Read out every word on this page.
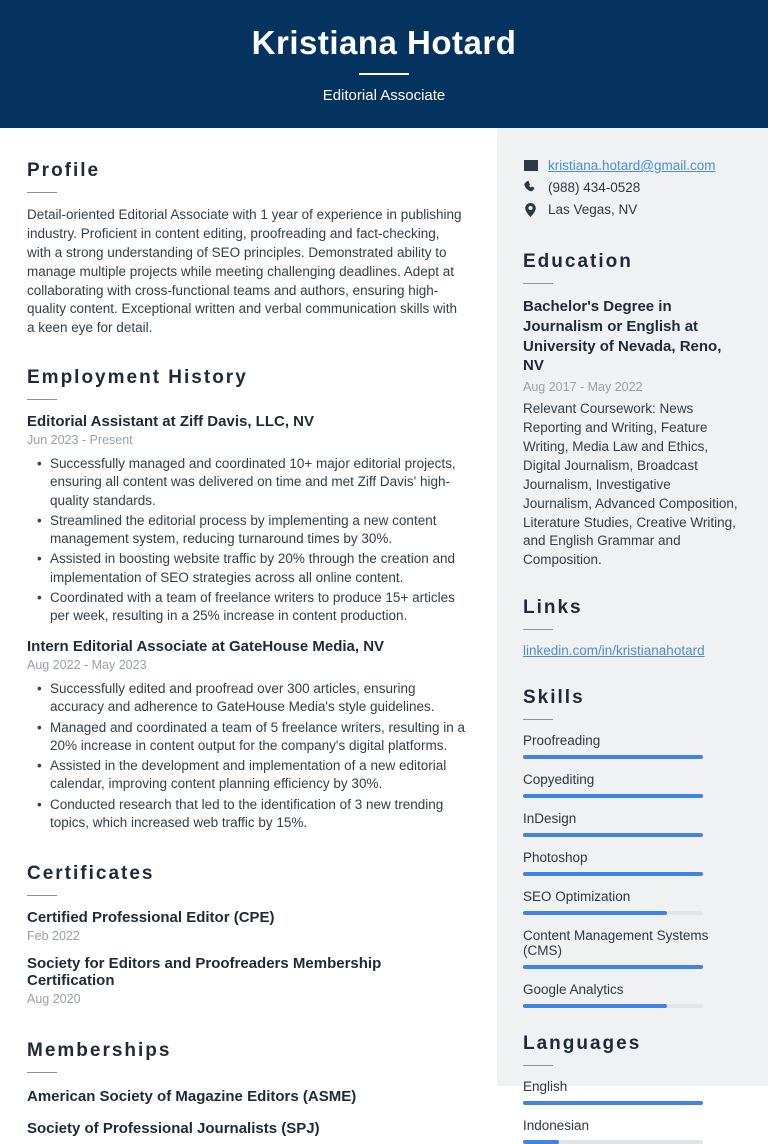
Kristiana Hotard
Editorial Associate
Profile

Detail-oriented Editorial Associate with 1 year of experience in publishing industry. Proficient in content editing, proofreading and fact-checking, with a strong understanding of SEO principles. Demonstrated ability to manage multiple projects while meeting challenging deadlines. Adept at collaborating with cross-functional teams and authors, ensuring high-quality content. Exceptional written and verbal communication skills with a keen eye for detail.

Employment History
Editorial Assistant at Ziff Davis, LLC, NV
Jun 2023 - Present
• Successfully managed and coordinated 10+ major editorial projects, ensuring all content was delivered on time and met Ziff Davis' high-quality standards.
• Streamlined the editorial process by implementing a new content management system, reducing turnaround times by 30%.
• Assisted in boosting website traffic by 20% through the creation and implementation of SEO strategies across all online content.
• Coordinated with a team of freelance writers to produce 15+ articles per week, resulting in a 25% increase in content production.
Intern Editorial Associate at GateHouse Media, NV
Aug 2022 - May 2023
• Successfully edited and proofread over 300 articles, ensuring accuracy and adherence to GateHouse Media's style guidelines.
• Managed and coordinated a team of 5 freelance writers, resulting in a 20% increase in content output for the company's digital platforms.
• Assisted in the development and implementation of a new editorial calendar, improving content planning efficiency by 30%.
• Conducted research that led to the identification of 3 new trending topics, which increased web traffic by 15%.
Certificates
Certified Professional Editor (CPE)
Feb 2022
Society for Editors and Proofreaders Membership Certification
Aug 2020
Memberships
American Society of Magazine Editors (ASME)
Society of Professional Journalists (SPJ)
kristiana.hotard@gmail.com
(988) 434-0528
Las Vegas, NV
Education
Bachelor's Degree in Journalism or English at University of Nevada, Reno, NV
Aug 2017 - May 2022

Relevant Coursework: News Reporting and Writing, Feature Writing, Media Law and Ethics, Digital Journalism, Broadcast Journalism, Investigative Journalism, Advanced Composition, Literature Studies, Creative Writing, and English Grammar and Composition.

Links
linkedin.com/in/kristianahotard
Skills
Proofreading
Copyediting
InDesign
Photoshop
SEO Optimization
Content Management Systems (CMS)
Google Analytics
Languages
English
Indonesian
